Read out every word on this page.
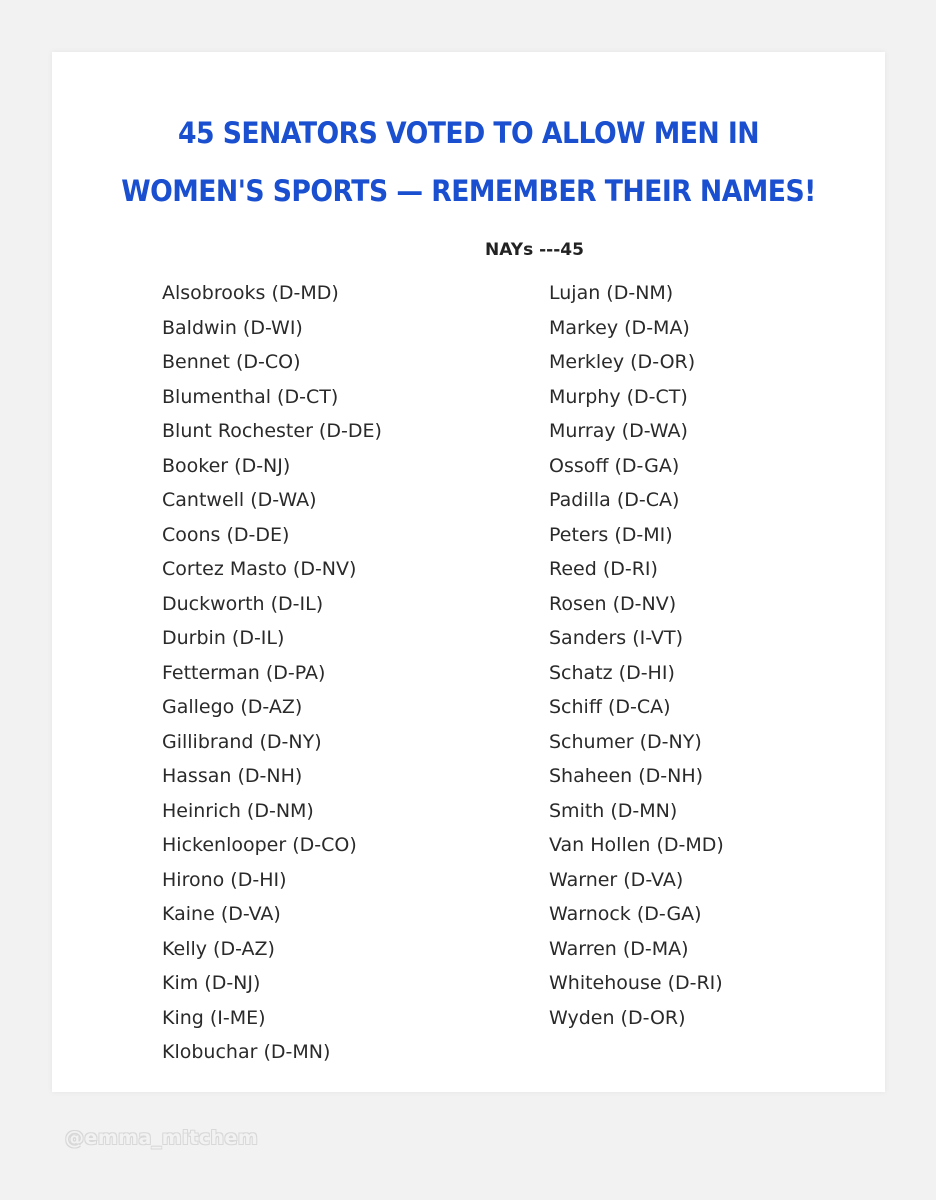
45 SENATORS VOTED TO ALLOW MEN IN
WOMEN'S SPORTS — REMEMBER THEIR NAMES!
NAYs ---45
Alsobrooks (D-MD)
Baldwin (D-WI)
Bennet (D-CO)
Blumenthal (D-CT)
Blunt Rochester (D-DE)
Booker (D-NJ)
Cantwell (D-WA)
Coons (D-DE)
Cortez Masto (D-NV)
Duckworth (D-IL)
Durbin (D-IL)
Fetterman (D-PA)
Gallego (D-AZ)
Gillibrand (D-NY)
Hassan (D-NH)
Heinrich (D-NM)
Hickenlooper (D-CO)
Hirono (D-HI)
Kaine (D-VA)
Kelly (D-AZ)
Kim (D-NJ)
King (I-ME)
Klobuchar (D-MN)
Lujan (D-NM)
Markey (D-MA)
Merkley (D-OR)
Murphy (D-CT)
Murray (D-WA)
Ossoff (D-GA)
Padilla (D-CA)
Peters (D-MI)
Reed (D-RI)
Rosen (D-NV)
Sanders (I-VT)
Schatz (D-HI)
Schiff (D-CA)
Schumer (D-NY)
Shaheen (D-NH)
Smith (D-MN)
Van Hollen (D-MD)
Warner (D-VA)
Warnock (D-GA)
Warren (D-MA)
Whitehouse (D-RI)
Wyden (D-OR)
@emma_mitchem
